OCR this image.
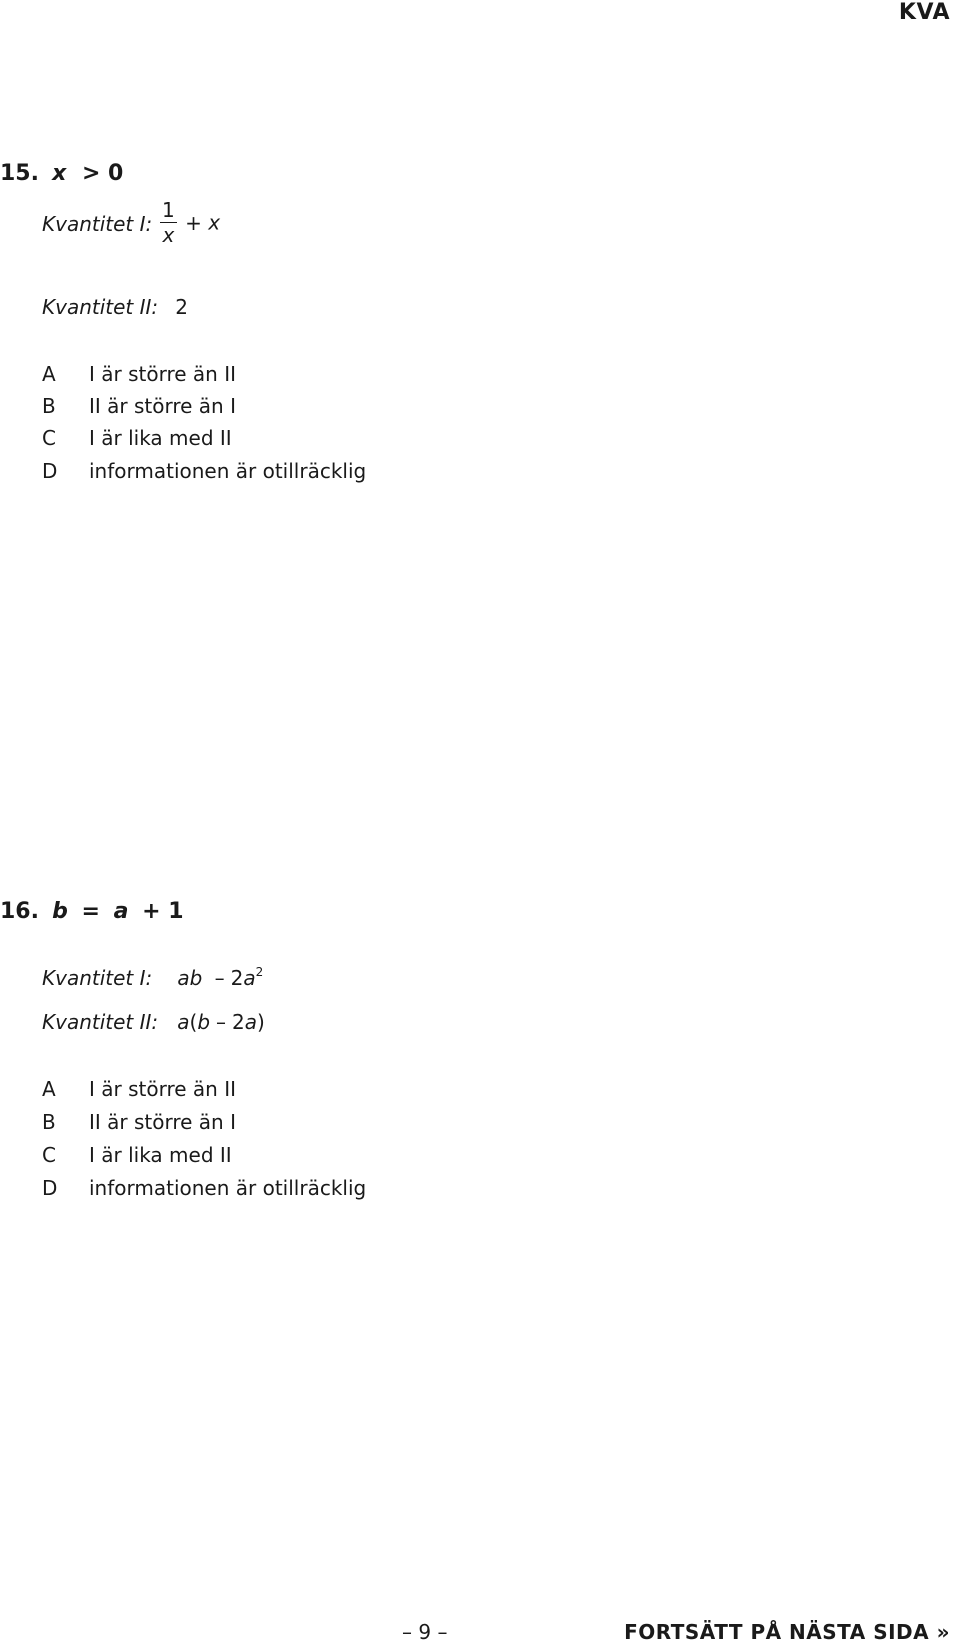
KVA
15. x > 0
Kvantitet I: $\frac{1}{x} + x$
Kvantitet II: 2
A I är större än II
B II är större än I
C I är lika med II
D informationen är otillräcklig
16. b = a + 1
Kvantitet I: ab – $2a^2$
Kvantitet II: a(b – 2a)
A I är större än II
B II är större än I
C I är lika med II
D informationen är otillräcklig
– 9 –	FORTSÄTT PÅ NÄSTA SIDA »
